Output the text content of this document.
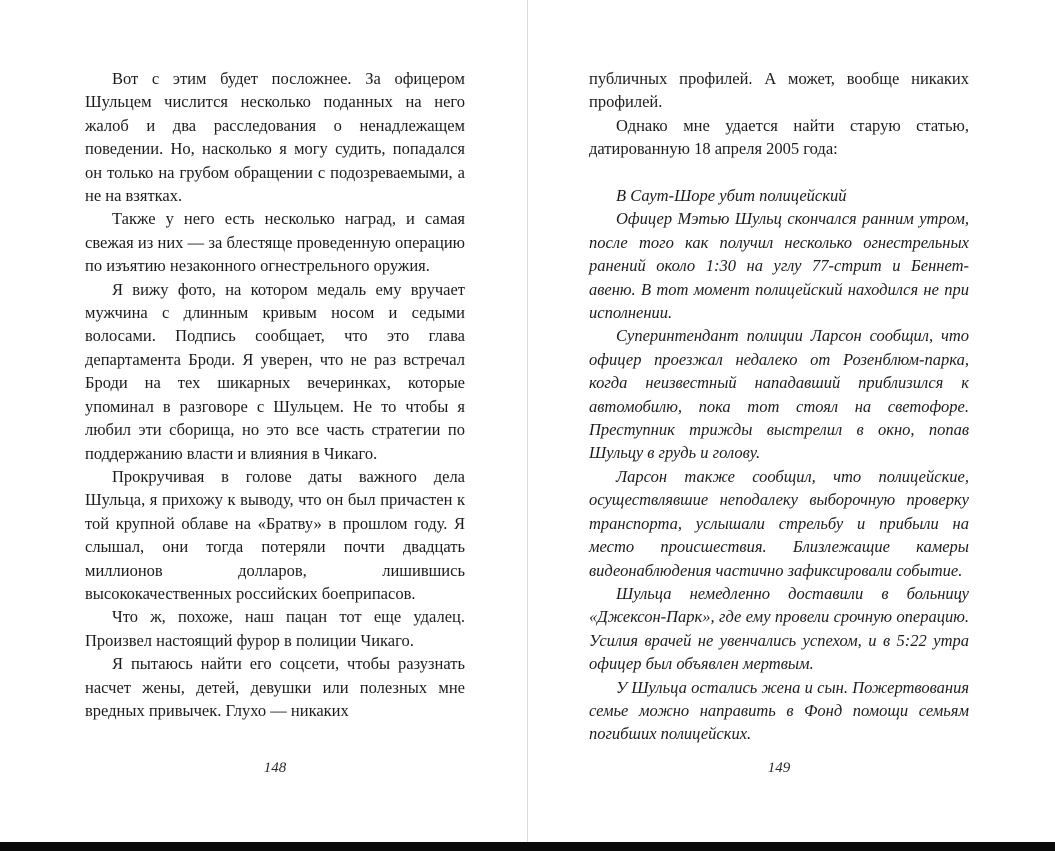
Вот с этим будет посложнее. За офицером Шульцем числится несколько поданных на него жалоб и два расследования о ненадлежащем поведении. Но, насколько я могу судить, попадался он только на грубом обращении с подозреваемыми, а не на взятках.

Также у него есть несколько наград, и самая свежая из них — за блестяще проведенную операцию по изъятию незаконного огнестрельного оружия.

Я вижу фото, на котором медаль ему вручает мужчина с длинным кривым носом и седыми волосами. Подпись сообщает, что это глава департамента Броди. Я уверен, что не раз встречал Броди на тех шикарных вечеринках, которые упоминал в разговоре с Шульцем. Не то чтобы я любил эти сборища, но это все часть стратегии по поддержанию власти и влияния в Чикаго.

Прокручивая в голове даты важного дела Шульца, я прихожу к выводу, что он был причастен к той крупной облаве на «Братву» в прошлом году. Я слышал, они тогда потеряли почти двадцать миллионов долларов, лишившись высококачественных российских боеприпасов.

Что ж, похоже, наш пацан тот еще удалец. Произвел настоящий фурор в полиции Чикаго.

Я пытаюсь найти его соцсети, чтобы разузнать насчет жены, детей, девушки или полезных мне вредных привычек. Глухо — никаких

148

публичных профилей. А может, вообще никаких профилей.

Однако мне удается найти старую статью, датированную 18 апреля 2005 года:

В Саут-Шоре убит полицейский

Офицер Мэтью Шульц скончался ранним утром, после того как получил несколько огнестрельных ранений около 1:30 на углу 77-стрит и Беннет-авеню. В тот момент полицейский находился не при исполнении.

Суперинтендант полиции Ларсон сообщил, что офицер проезжал недалеко от Розенблюм-парка, когда неизвестный нападавший приблизился к автомобилю, пока тот стоял на светофоре. Преступник трижды выстрелил в окно, попав Шульцу в грудь и голову.

Ларсон также сообщил, что полицейские, осуществлявшие неподалеку выборочную проверку транспорта, услышали стрельбу и прибыли на место происшествия. Близлежащие камеры видеонаблюдения частично зафиксировали событие.

Шульца немедленно доставили в больницу «Джексон-Парк», где ему провели срочную операцию. Усилия врачей не увенчались успехом, и в 5:22 утра офицер был объявлен мертвым.

У Шульца остались жена и сын. Пожертвования семье можно направить в Фонд помощи семьям погибших полицейских.

149
